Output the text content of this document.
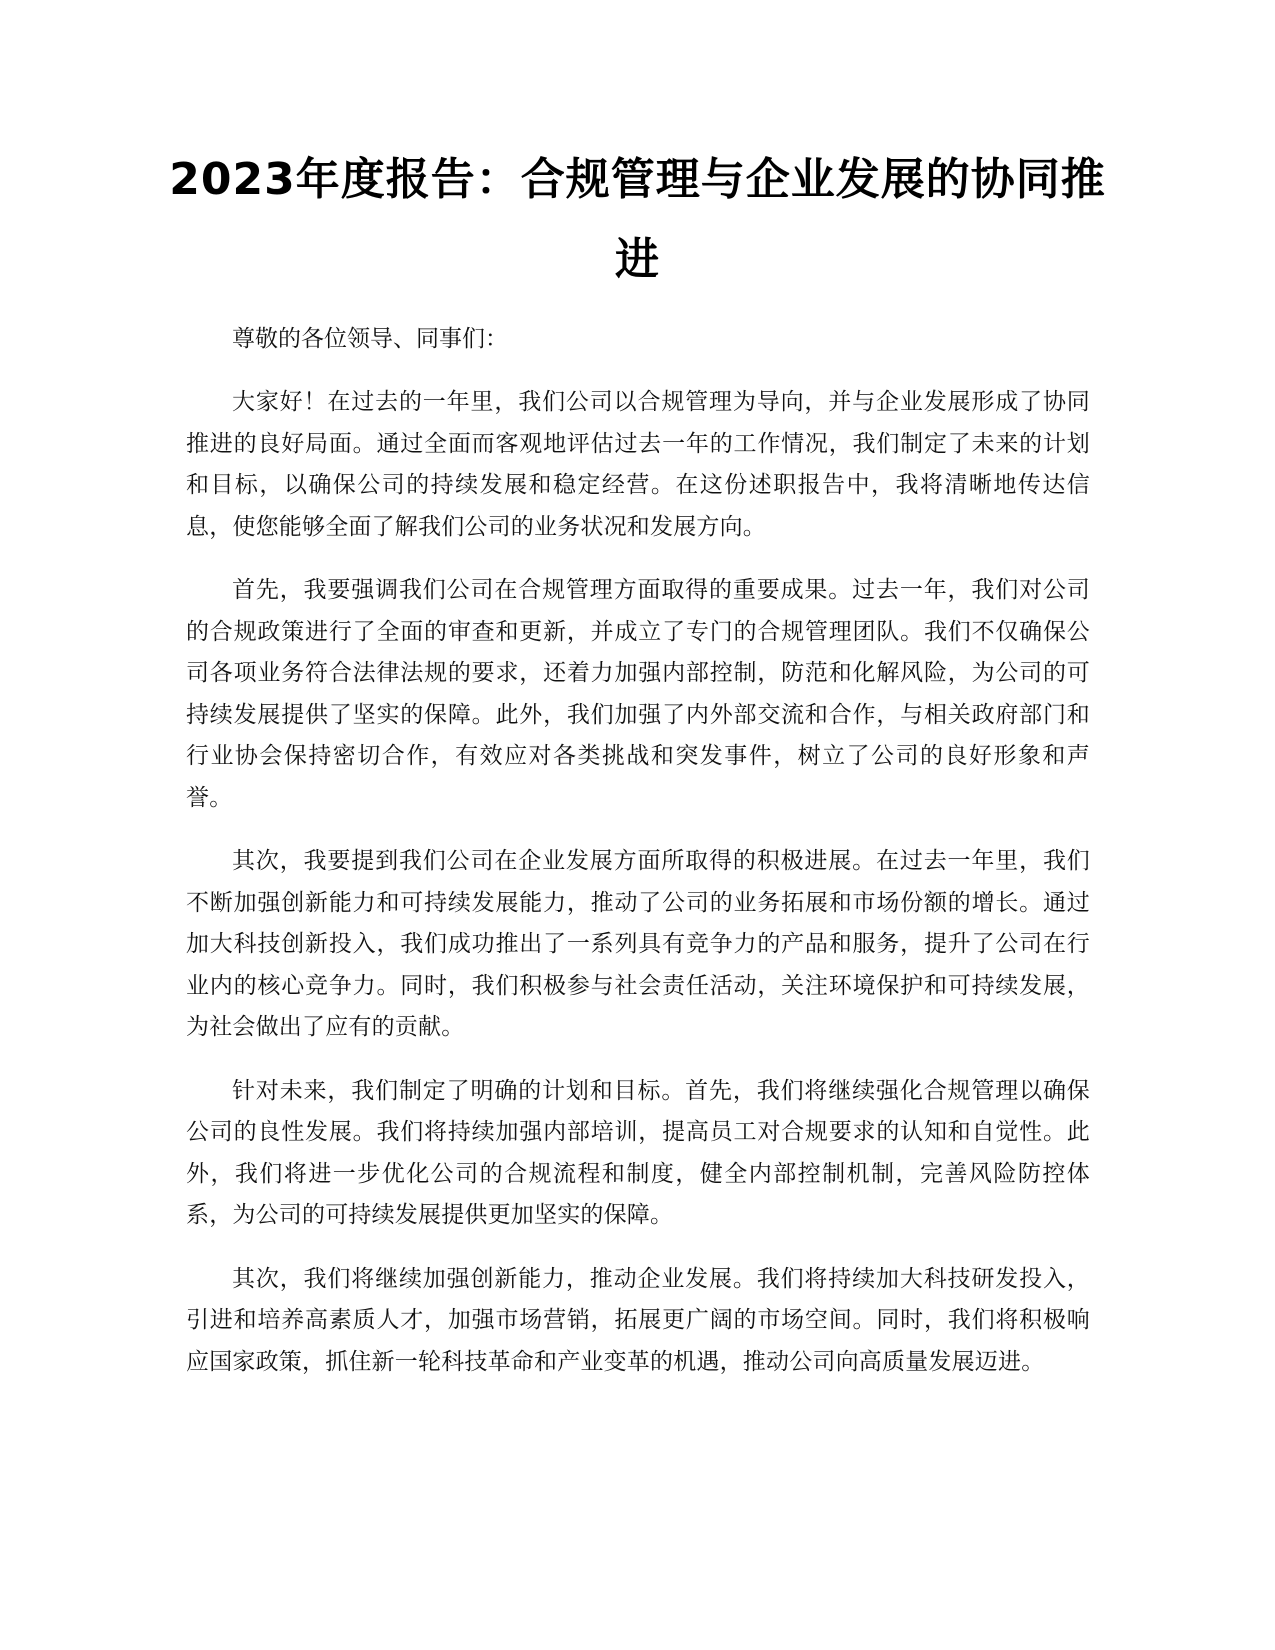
2023年度报告：合规管理与企业发展的协同推进

尊敬的各位领导、同事们：

大家好！在过去的一年里，我们公司以合规管理为导向，并与企业发展形成了协同推进的良好局面。通过全面而客观地评估过去一年的工作情况，我们制定了未来的计划和目标，以确保公司的持续发展和稳定经营。在这份述职报告中，我将清晰地传达信息，使您能够全面了解我们公司的业务状况和发展方向。

首先，我要强调我们公司在合规管理方面取得的重要成果。过去一年，我们对公司的合规政策进行了全面的审查和更新，并成立了专门的合规管理团队。我们不仅确保公司各项业务符合法律法规的要求，还着力加强内部控制，防范和化解风险，为公司的可持续发展提供了坚实的保障。此外，我们加强了内外部交流和合作，与相关政府部门和行业协会保持密切合作，有效应对各类挑战和突发事件，树立了公司的良好形象和声誉。

其次，我要提到我们公司在企业发展方面所取得的积极进展。在过去一年里，我们不断加强创新能力和可持续发展能力，推动了公司的业务拓展和市场份额的增长。通过加大科技创新投入，我们成功推出了一系列具有竞争力的产品和服务，提升了公司在行业内的核心竞争力。同时，我们积极参与社会责任活动，关注环境保护和可持续发展，为社会做出了应有的贡献。

针对未来，我们制定了明确的计划和目标。首先，我们将继续强化合规管理以确保公司的良性发展。我们将持续加强内部培训，提高员工对合规要求的认知和自觉性。此外，我们将进一步优化公司的合规流程和制度，健全内部控制机制，完善风险防控体系，为公司的可持续发展提供更加坚实的保障。

其次，我们将继续加强创新能力，推动企业发展。我们将持续加大科技研发投入，引进和培养高素质人才，加强市场营销，拓展更广阔的市场空间。同时，我们将积极响应国家政策，抓住新一轮科技革命和产业变革的机遇，推动公司向高质量发展迈进。
